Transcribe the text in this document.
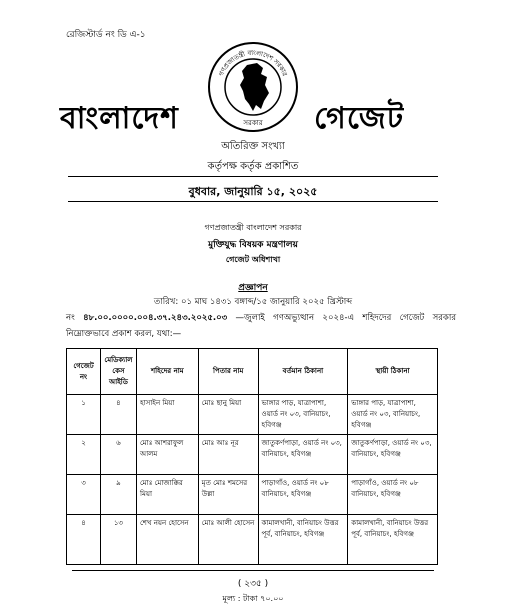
রেজিস্টার্ড নং ডি এ-১
বাংলাদেশ
গণপ্রজাতন্ত্রী বাংলাদেশ সরকার
সরকার গেজেট
অতিরিক্ত সংখ্যা
কর্তৃপক্ষ কর্তৃক প্রকাশিত
বুধবার, জানুয়ারি ১৫, ২০২৫
গণপ্রজাতন্ত্রী বাংলাদেশ সরকার
মুক্তিযুদ্ধ বিষয়ক মন্ত্রণালয়
গেজেট অধিশাখা
প্রজ্ঞাপন
তারিখ: ০১ মাঘ ১৪৩১ বঙ্গাব্দ/১৫ জানুয়ারি ২০২৫ খ্রিস্টাব্দ
নং ৪৮.০০.০০০০.০০৪.৩৭.২৪৩.২০২৫.০৩ —জুলাই গণঅভ্যুত্থান ২০২৪-এ শহিদদের গেজেট সরকার নিম্নোক্তভাবে প্রকাশ করল, যথা:—
গেজেট নং	মেডিক্যাল কেস আইডি	শহিদের নাম	পিতার নাম	বর্তমান ঠিকানা	স্থায়ী ঠিকানা
১	৪	হাসাইন মিয়া	মোঃ ছানু মিয়া	ভাঙ্গার পাড়, যাত্রাপাশা, ওয়ার্ড নং ০৩, বানিয়াচং, হবিগঞ্জ	ভাঙ্গার পাড়, যাত্রাপাশা, ওয়ার্ড নং ০৩, বানিয়াচং, হবিগঞ্জ
২	৬	মোঃ আশরাফুল আলম	মোঃ আঃ নূর	জাতুকর্ণপাড়া, ওয়ার্ড নং ০৩, বানিয়াচং, হবিগঞ্জ	জাতুকর্ণপাড়া, ওয়ার্ড নং ০৩, বানিয়াচং, হবিগঞ্জ
৩	৯	মোঃ মোজাক্কির মিয়া	মৃত মোঃ শমসের উল্লা	পাড়াগাঁও, ওয়ার্ড নং ০৮ বানিয়াচং, হবিগঞ্জ	পাড়াগাঁও, ওয়ার্ড নং ০৮ বানিয়াচং, হবিগঞ্জ
৪	১৩	শেখ নয়ন হোসেন	মোঃ আলী হোসেন	কামালখানী, বানিয়াচং উত্তর পূর্ব, বানিয়াচং, হবিগঞ্জ	কামালখানী, বানিয়াচং উত্তর পূর্ব, বানিয়াচং, হবিগঞ্জ
( ২৩৫ )
মূল্য : টাকা ৭০.০০
